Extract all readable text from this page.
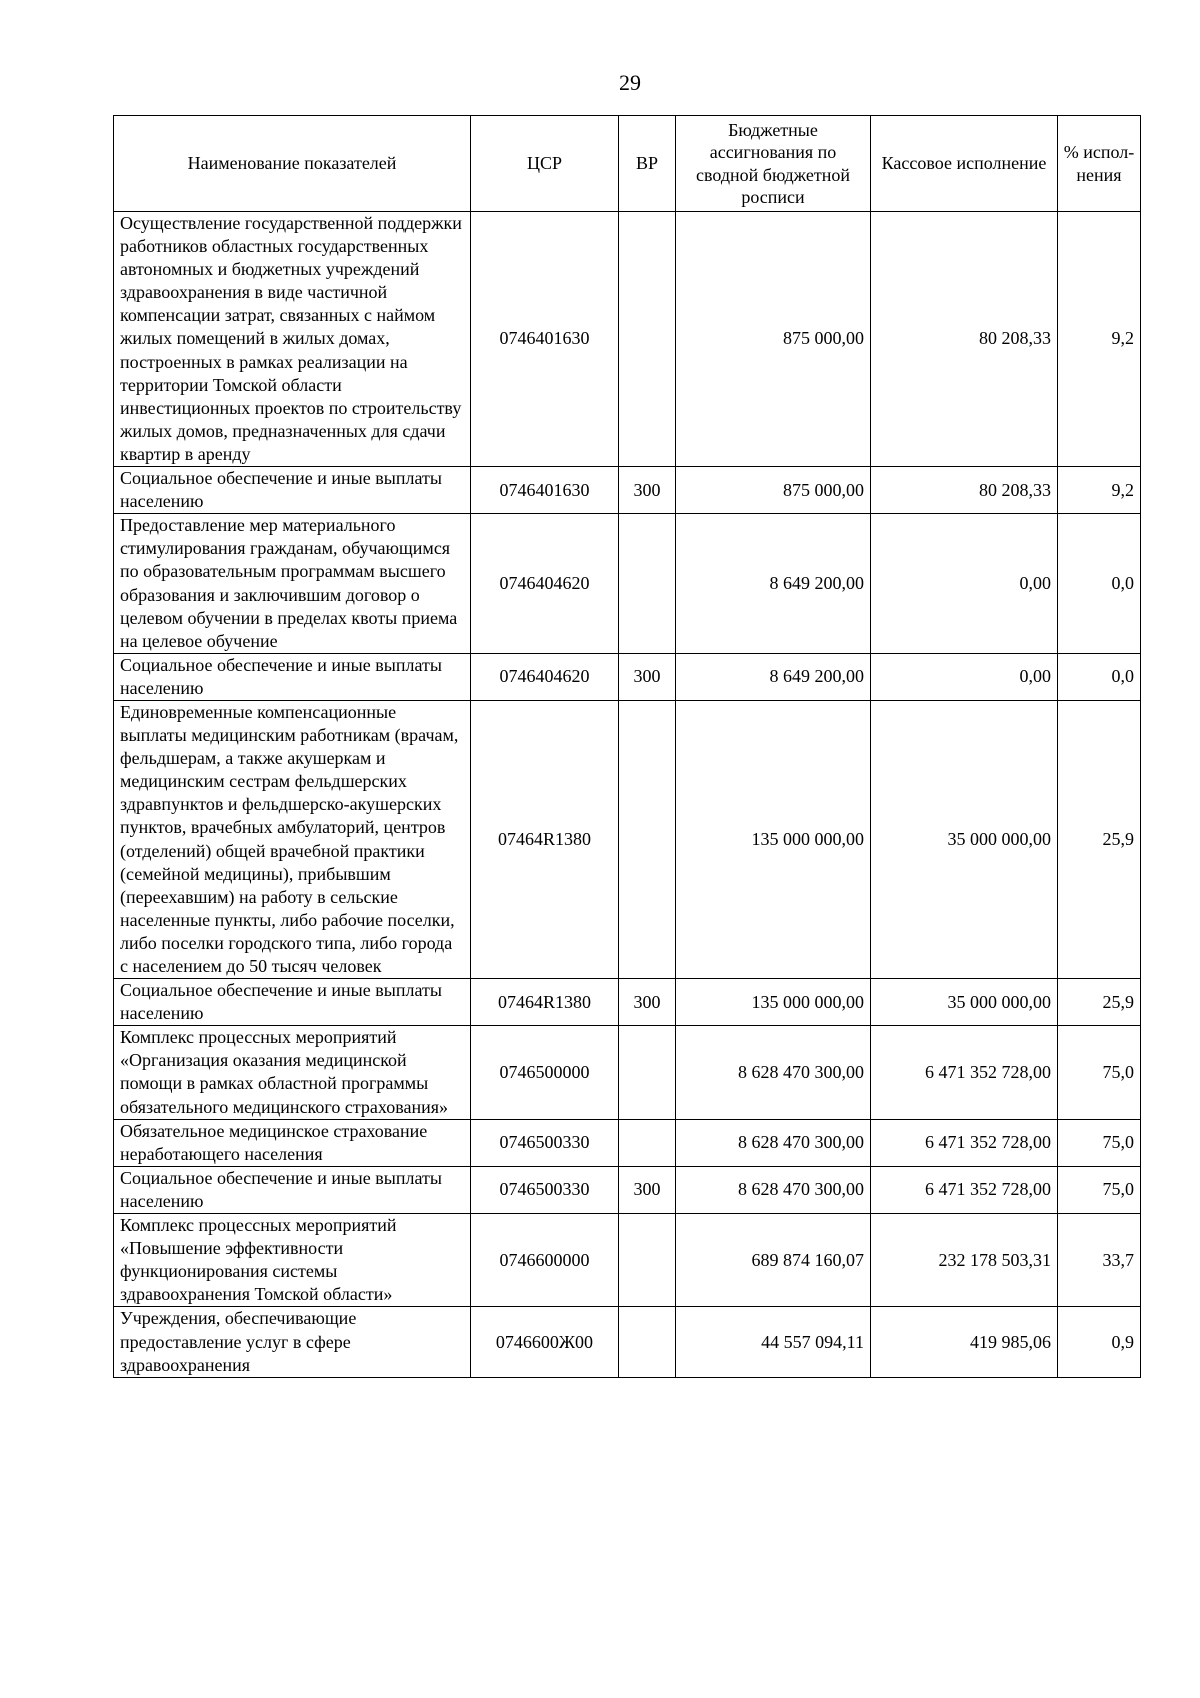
29
Наименование показателей	ЦСР	ВР	Бюджетные ассигнования по сводной бюджетной росписи	Кассовое исполнение	% испол-нения
Осуществление государственной поддержки работников областных государственных автономных и бюджетных учреждений здравоохранения в виде частичной компенсации затрат, связанных с наймом жилых помещений в жилых домах, построенных в рамках реализации на территории Томской области инвестиционных проектов по строительству жилых домов, предназначенных для сдачи квартир в аренду	0746401630		875 000,00	80 208,33	9,2
Социальное обеспечение и иные выплаты населению	0746401630	300	875 000,00	80 208,33	9,2
Предоставление мер материального стимулирования гражданам, обучающимся по образовательным программам высшего образования и заключившим договор о целевом обучении в пределах квоты приема на целевое обучение	0746404620		8 649 200,00	0,00	0,0
Социальное обеспечение и иные выплаты населению	0746404620	300	8 649 200,00	0,00	0,0
Единовременные компенсационные выплаты медицинским работникам (врачам, фельдшерам, а также акушеркам и медицинским сестрам фельдшерских здравпунктов и фельдшерско-акушерских пунктов, врачебных амбулаторий, центров (отделений) общей врачебной практики (семейной медицины), прибывшим (переехавшим) на работу в сельские населенные пункты, либо рабочие поселки, либо поселки городского типа, либо города с населением до 50 тысяч человек	07464R1380		135 000 000,00	35 000 000,00	25,9
Социальное обеспечение и иные выплаты населению	07464R1380	300	135 000 000,00	35 000 000,00	25,9
Комплекс процессных мероприятий «Организация оказания медицинской помощи в рамках областной программы обязательного медицинского страхования»	0746500000		8 628 470 300,00	6 471 352 728,00	75,0
Обязательное медицинское страхование неработающего населения	0746500330		8 628 470 300,00	6 471 352 728,00	75,0
Социальное обеспечение и иные выплаты населению	0746500330	300	8 628 470 300,00	6 471 352 728,00	75,0
Комплекс процессных мероприятий «Повышение эффективности функционирования системы здравоохранения Томской области»	0746600000		689 874 160,07	232 178 503,31	33,7
Учреждения, обеспечивающие предоставление услуг в сфере здравоохранения	0746600Ж00		44 557 094,11	419 985,06	0,9
